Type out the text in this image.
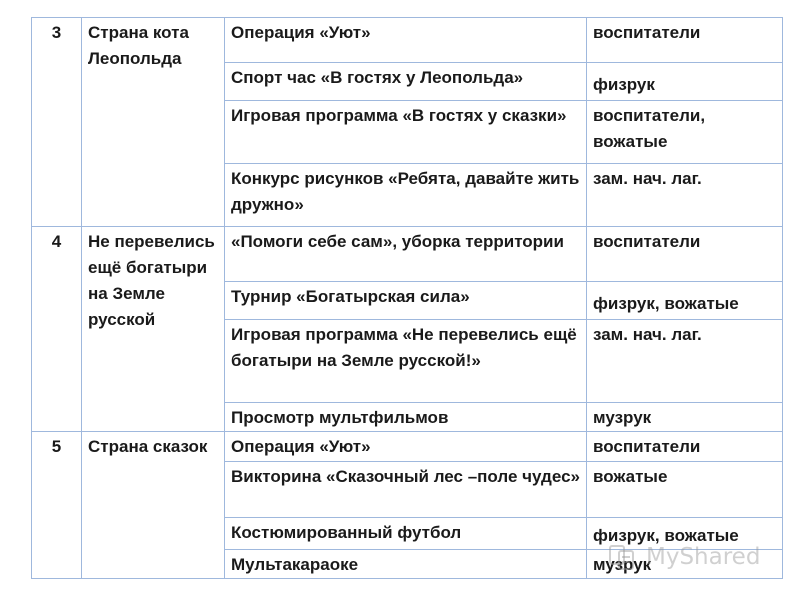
3	Страна кота Леопольда	Операция «Уют»	воспитатели
		Спорт час «В гостях у Леопольда»	физрук
		Игровая программа «В гостях у сказки»	воспитатели, вожатые
		Конкурс рисунков «Ребята, давайте жить дружно»	зам. нач. лаг.
4	Не перевелись ещё богатыри на Земле русской	«Помоги себе сам», уборка территории	воспитатели
		Турнир «Богатырская сила»	физрук, вожатые
		Игровая программа «Не перевелись ещё богатыри на Земле русской!»	зам. нач. лаг.
		Просмотр мультфильмов	музрук
5	Страна сказок	Операция «Уют»	воспитатели
		Викторина «Сказочный лес –поле чудес»	вожатые
		Костюмированный футбол	физрук, вожатые
		Мультакараоке	музрук
MyShared
